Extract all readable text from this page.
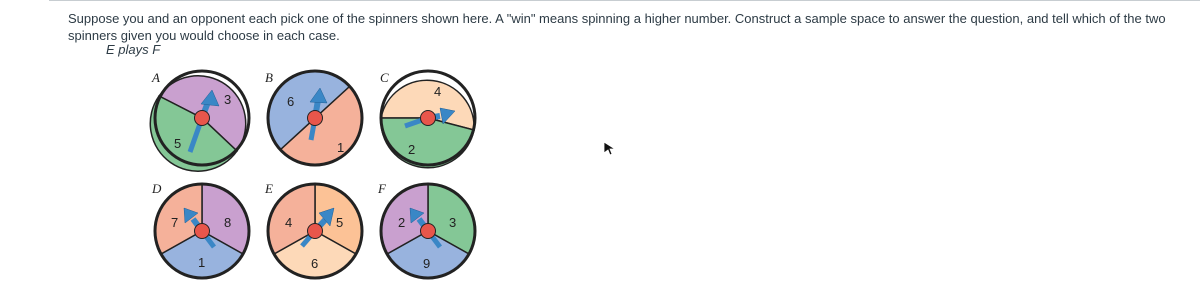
Suppose you and an opponent each pick one of the spinners shown here. A "win" means spinning a higher number. Construct a sample space to answer the question, and tell which of the two spinners given you would choose in each case.

E plays F
A
3
5
B
6
1
C
4
2
D
7	8
1
E
4	5
6
F
2	3
9
